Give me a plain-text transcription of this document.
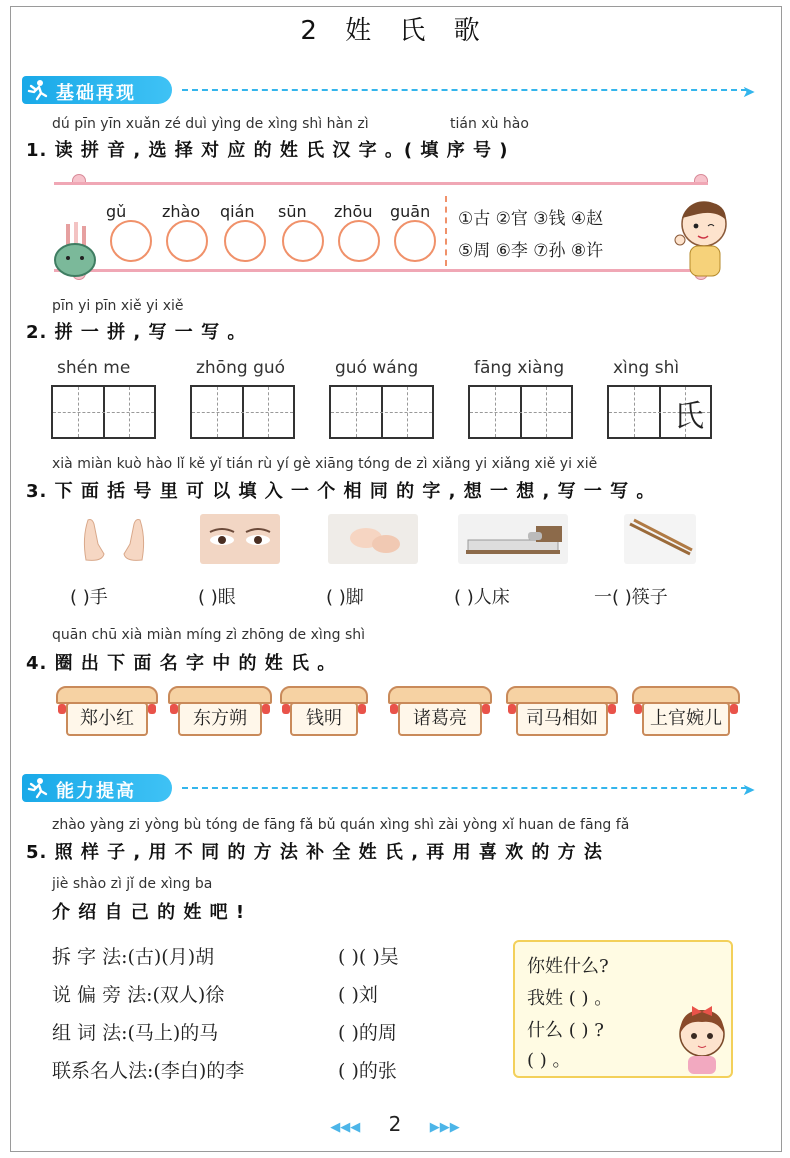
2 姓 氏 歌
基础再现	➤
dú pīn yīn xuǎn zé duì yìng de xìng shì hàn zì	tián xù hào
1. 读 拼 音 , 选 择 对 应 的 姓 氏 汉 字 。( 填 序 号 )
gǔ zhào qián sūn zhōu guān ①古 ②官 ③钱 ④赵
⑤周 ⑥李 ⑦孙 ⑧许
pīn yi pīn xiě yi xiě
2. 拼 一 拼 , 写 一 写 。
shén me	zhōng guó	guó wáng	fāng xiàng	xìng shì
氏
xià miàn kuò hào lǐ kě yǐ tián rù yí gè xiāng tóng de zì xiǎng yi xiǎng xiě yi xiě
3. 下 面 括 号 里 可 以 填 入 一 个 相 同 的 字 , 想 一 想 , 写 一 写 。
( )手	( )眼	( )脚	( )人床	一( )筷子
quān chū xià miàn míng zì zhōng de xìng shì
4. 圈 出 下 面 名 字 中 的 姓 氏 。
郑小红	东方朔	钱明	诸葛亮	司马相如	上官婉儿
能力提高	➤
zhào yàng zi yòng bù tóng de fāng fǎ bǔ quán xìng shì zài yòng xǐ huan de fāng fǎ
5. 照 样 子 , 用 不 同 的 方 法 补 全 姓 氏 , 再 用 喜 欢 的 方 法
jiè shào zì jǐ de xìng ba
介 绍 自 己 的 姓 吧 !
拆 字 法:(古)(月)胡	( )( )吴
说 偏 旁 法:(双人)徐	( )刘
组 词 法:(马上)的马	( )的周
联系名人法:(李白)的李	( )的张
你姓什么?
我姓 ( ) 。
什么 ( ) ?
( ) 。
◀◀◀ 2 ▶▶▶
